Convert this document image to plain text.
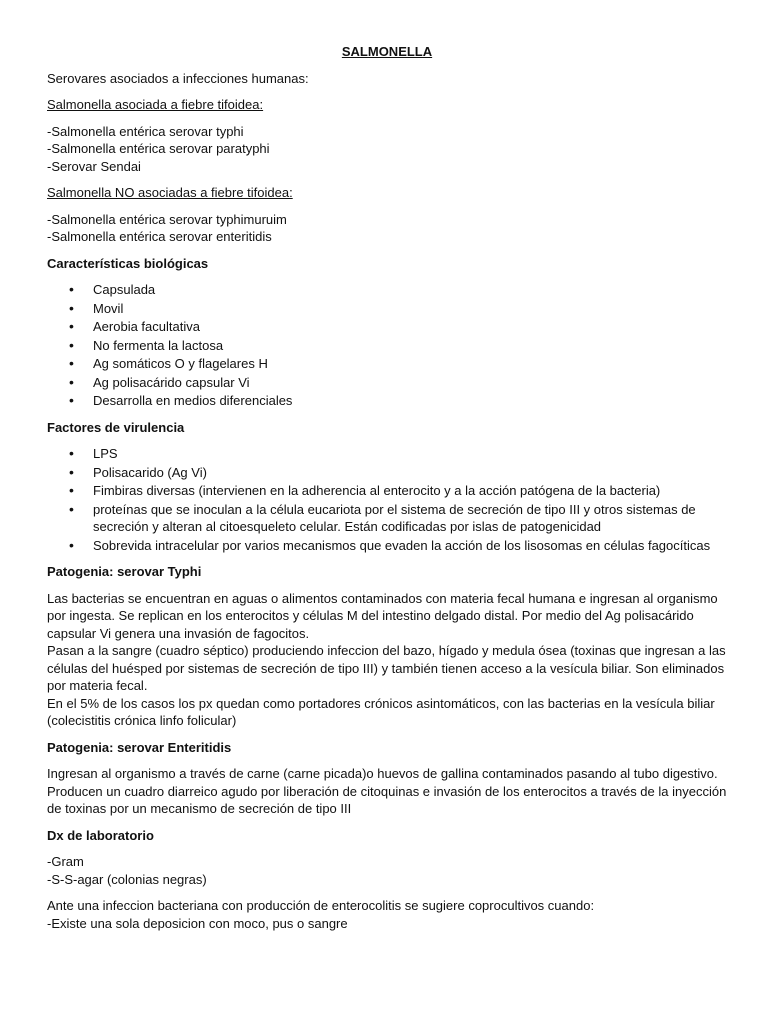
SALMONELLA

Serovares asociados a infecciones humanas:

Salmonella asociada a fiebre tifoidea:

-Salmonella entérica serovar typhi
-Salmonella entérica serovar paratyphi
-Serovar Sendai

Salmonella NO asociadas a fiebre tifoidea:

-Salmonella entérica serovar typhimuruim
-Salmonella entérica serovar enteritidis

Características biológicas

• Capsulada
• Movil
• Aerobia facultativa
• No fermenta la lactosa
• Ag somáticos O y flagelares H
• Ag polisacárido capsular Vi
• Desarrolla en medios diferenciales

Factores de virulencia

• LPS
• Polisacarido (Ag Vi)
• Fimbiras diversas (intervienen en la adherencia al enterocito y a la acción patógena de la bacteria)
• proteínas que se inoculan a la célula eucariota por el sistema de secreción de tipo III y otros sistemas de secreción y alteran al citoesqueleto celular. Están codificadas por islas de patogenicidad
• Sobrevida intracelular por varios mecanismos que evaden la acción de los lisosomas en células fagocíticas

Patogenia: serovar Typhi

Las bacterias se encuentran en aguas o alimentos contaminados con materia fecal humana e ingresan al organismo por ingesta. Se replican en los enterocitos y células M del intestino delgado distal. Por medio del Ag polisacárido capsular Vi genera una invasión de fagocitos.
Pasan a la sangre (cuadro séptico) produciendo infeccion del bazo, hígado y medula ósea (toxinas que ingresan a las células del huésped por sistemas de secreción de tipo III) y también tienen acceso a la vesícula biliar. Son eliminados por materia fecal.
En el 5% de los casos los px quedan como portadores crónicos asintomáticos, con las bacterias en la vesícula biliar (colecistitis crónica linfo folicular)

Patogenia: serovar Enteritidis

Ingresan al organismo a través de carne (carne picada)o huevos de gallina contaminados pasando al tubo digestivo. Producen un cuadro diarreico agudo por liberación de citoquinas e invasión de los enterocitos a través de la inyección de toxinas por un mecanismo de secreción de tipo III

Dx de laboratorio

-Gram
-S-S-agar (colonias negras)
Ante una infeccion bacteriana con producción de enterocolitis se sugiere coprocultivos cuando:
-Existe una sola deposicion con moco, pus o sangre
